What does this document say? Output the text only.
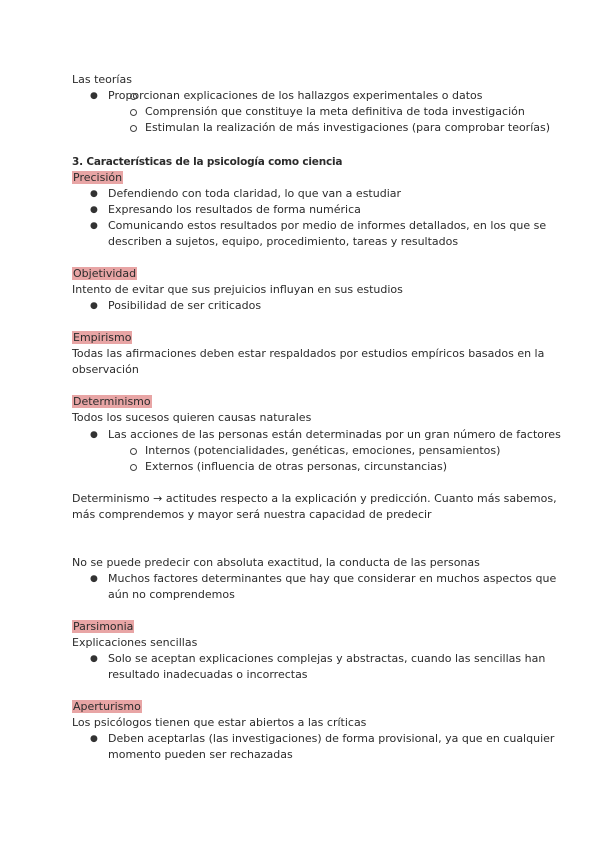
Las teorías
● Proporcionan explicaciones de los hallazgos experimentales o datos
Comprensión que constituye la meta definitiva de toda investigación
Estimulan la realización de más investigaciones (para comprobar teorías)
3. Características de la psicología como ciencia
Precisión
● Defendiendo con toda claridad, lo que van a estudiar
● Expresando los resultados de forma numérica
● Comunicando estos resultados por medio de informes detallados, en los que se
describen a sujetos, equipo, procedimiento, tareas y resultados
Objetividad
Intento de evitar que sus prejuicios influyan en sus estudios
● Posibilidad de ser criticados
Empirismo
Todas las afirmaciones deben estar respaldados por estudios empíricos basados en la
observación
Determinismo
Todos los sucesos quieren causas naturales
● Las acciones de las personas están determinadas por un gran número de factores
Internos (potencialidades, genéticas, emociones, pensamientos)
Externos (influencia de otras personas, circunstancias)
Determinismo → actitudes respecto a la explicación y predicción. Cuanto más sabemos,
más comprendemos y mayor será nuestra capacidad de predecir
No se puede predecir con absoluta exactitud, la conducta de las personas
● Muchos factores determinantes que hay que considerar en muchos aspectos que
aún no comprendemos
Parsimonia
Explicaciones sencillas
● Solo se aceptan explicaciones complejas y abstractas, cuando las sencillas han
resultado inadecuadas o incorrectas
Aperturismo
Los psicólogos tienen que estar abiertos a las críticas
● Deben aceptarlas (las investigaciones) de forma provisional, ya que en cualquier
momento pueden ser rechazadas
